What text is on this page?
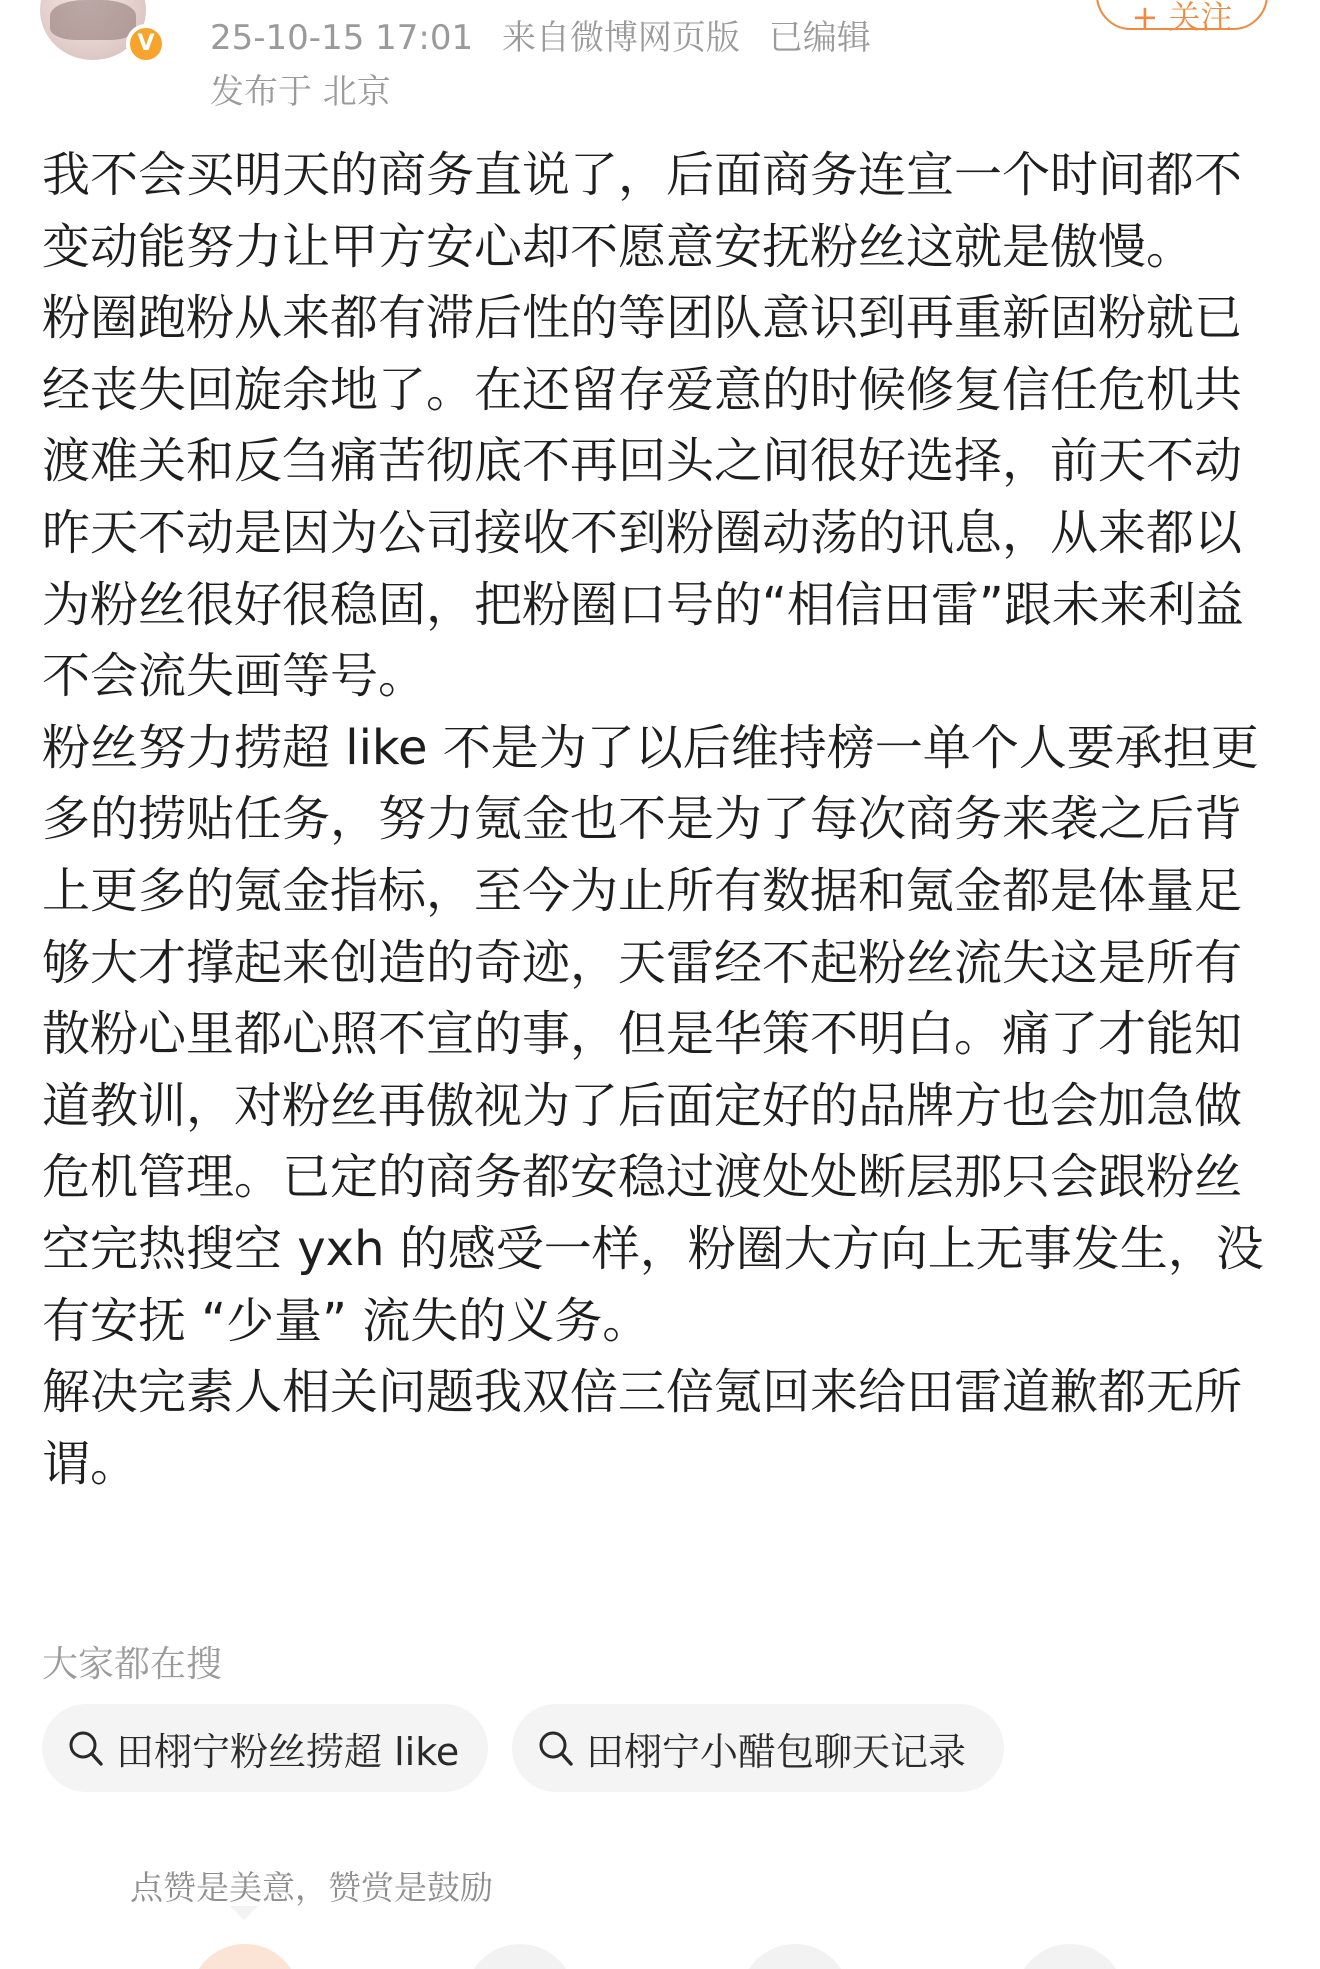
V	25-10-15 17:01 来自微博网页版 已编辑
发布于 北京
+ 关注

我不会买明天的商务直说了，后面商务连宣一个时间都不变动能努力让甲方安心却不愿意安抚粉丝这就是傲慢。

粉圈跑粉从来都有滞后性的等团队意识到再重新固粉就已经丧失回旋余地了。在还留存爱意的时候修复信任危机共渡难关和反刍痛苦彻底不再回头之间很好选择，前天不动昨天不动是因为公司接收不到粉圈动荡的讯息，从来都以为粉丝很好很稳固，把粉圈口号的“相信田雷”跟未来利益不会流失画等号。

粉丝努力捞超 like 不是为了以后维持榜一单个人要承担更多的捞贴任务，努力氪金也不是为了每次商务来袭之后背上更多的氪金指标，至今为止所有数据和氪金都是体量足够大才撑起来创造的奇迹，天雷经不起粉丝流失这是所有散粉心里都心照不宣的事，但是华策不明白。痛了才能知道教训，对粉丝再傲视为了后面定好的品牌方也会加急做危机管理。已定的商务都安稳过渡处处断层那只会跟粉丝空完热搜空 yxh 的感受一样，粉圈大方向上无事发生，没有安抚 “少量” 流失的义务。

解决完素人相关问题我双倍三倍氪回来给田雷道歉都无所谓。

大家都在搜
田栩宁粉丝捞超 like	田栩宁小醋包聊天记录
点赞是美意，赞赏是鼓励
